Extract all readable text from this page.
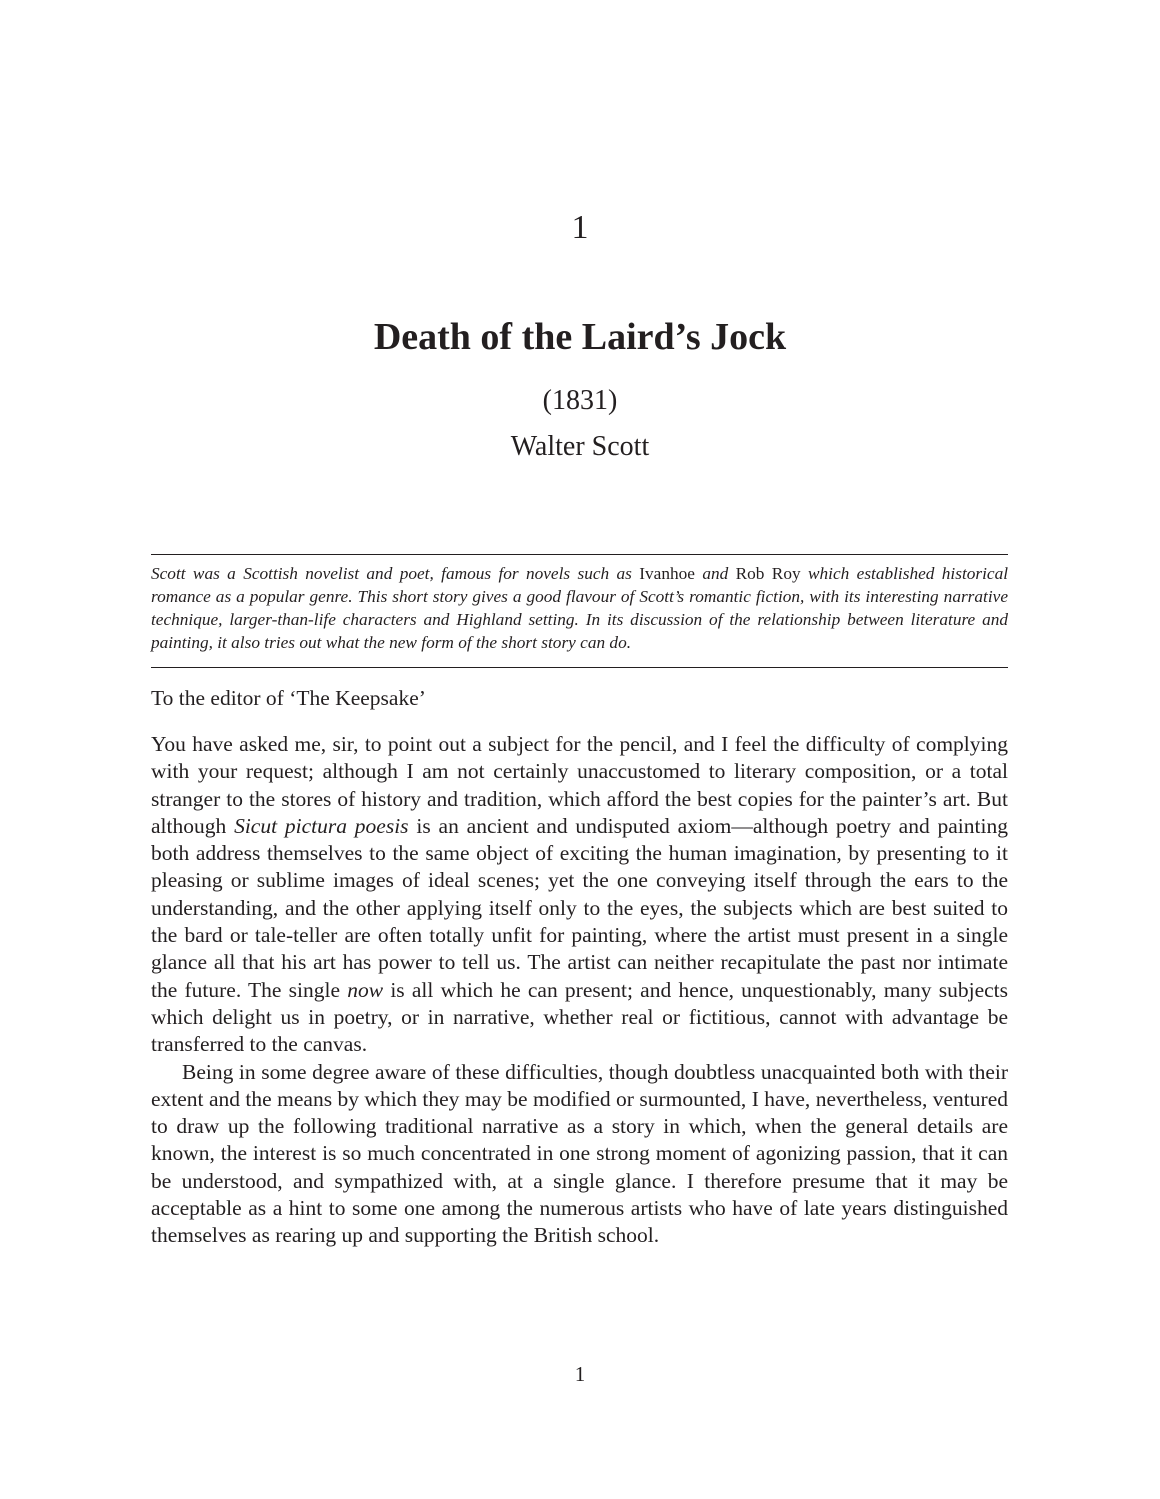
1
Death of the Laird’s Jock
(1831)
Walter Scott

Scott was a Scottish novelist and poet, famous for novels such as Ivanhoe and Rob Roy which established historical romance as a popular genre. This short story gives a good flavour of Scott’s romantic fiction, with its interesting narrative technique, larger-than-life characters and Highland setting. In its discussion of the relationship between literature and painting, it also tries out what the new form of the short story can do.

To the editor of ‘The Keepsake’

You have asked me, sir, to point out a subject for the pencil, and I feel the difficulty of complying with your request; although I am not certainly unaccustomed to literary composition, or a total stranger to the stores of history and tradition, which afford the best copies for the painter’s art. But although Sicut pictura poesis is an ancient and undisputed axiom—although poetry and painting both address themselves to the same object of exciting the human imagination, by presenting to it pleasing or sublime images of ideal scenes; yet the one conveying itself through the ears to the understanding, and the other applying itself only to the eyes, the subjects which are best suited to the bard or tale-teller are often totally unfit for painting, where the artist must present in a single glance all that his art has power to tell us. The artist can neither recapitulate the past nor intimate the future. The single now is all which he can present; and hence, unquestionably, many subjects which delight us in poetry, or in narrative, whether real or fictitious, cannot with advantage be transferred to the canvas.

Being in some degree aware of these difficulties, though doubtless unacquainted both with their extent and the means by which they may be modified or surmounted, I have, nevertheless, ventured to draw up the following traditional narrative as a story in which, when the general details are known, the interest is so much concentrated in one strong moment of agonizing passion, that it can be understood, and sympathized with, at a single glance. I therefore presume that it may be acceptable as a hint to some one among the numerous artists who have of late years distinguished themselves as rearing up and supporting the British school.

1
